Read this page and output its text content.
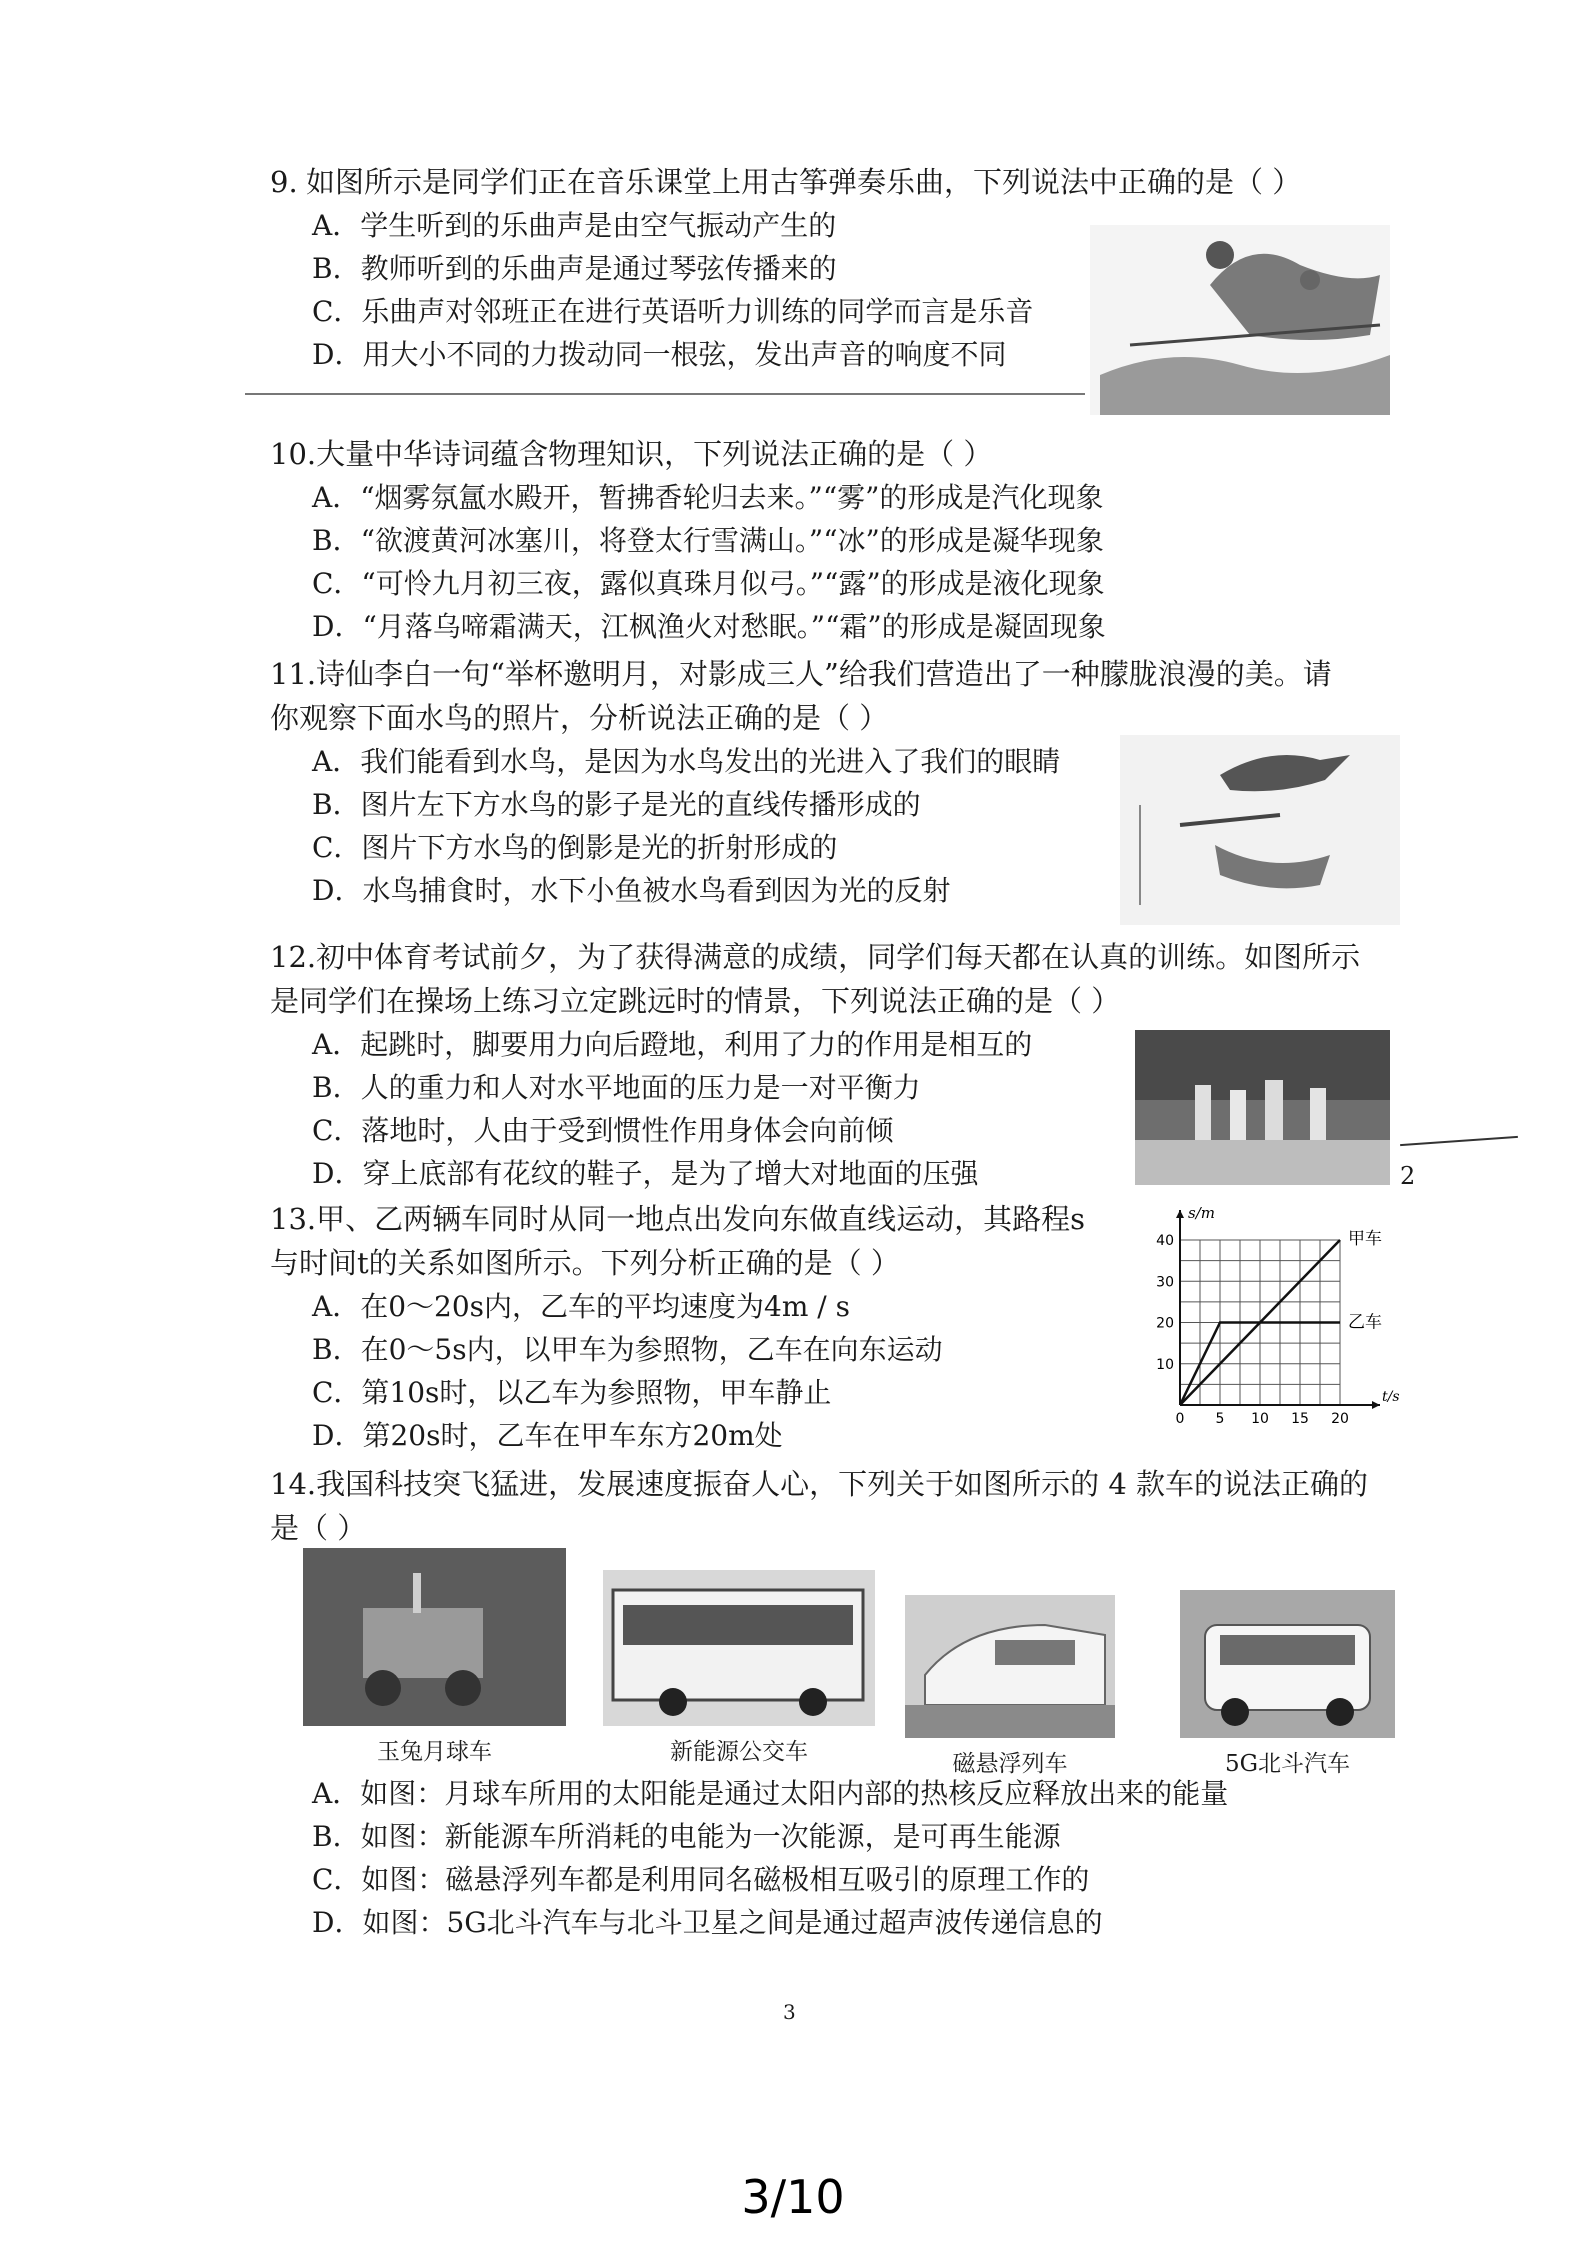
9. 如图所示是同学们正在音乐课堂上用古筝弹奏乐曲，下列说法中正确的是（ ）
A．学生听到的乐曲声是由空气振动产生的
B．教师听到的乐曲声是通过琴弦传播来的
C．乐曲声对邻班正在进行英语听力训练的同学而言是乐音
D．用大小不同的力拨动同一根弦，发出声音的响度不同
10.大量中华诗词蕴含物理知识，下列说法正确的是（ ）
A．“烟雾氛氲水殿开，暂拂香轮归去来。”“雾”的形成是汽化现象
B．“欲渡黄河冰塞川，将登太行雪满山。”“冰”的形成是凝华现象
C．“可怜九月初三夜，露似真珠月似弓。”“露”的形成是液化现象
D．“月落乌啼霜满天，江枫渔火对愁眠。”“霜”的形成是凝固现象
11.诗仙李白一句“举杯邀明月，对影成三人”给我们营造出了一种朦胧浪漫的美。请
你观察下面水鸟的照片，分析说法正确的是（ ）
A．我们能看到水鸟，是因为水鸟发出的光进入了我们的眼睛
B．图片左下方水鸟的影子是光的直线传播形成的
C．图片下方水鸟的倒影是光的折射形成的
D．水鸟捕食时，水下小鱼被水鸟看到因为光的反射
12.初中体育考试前夕，为了获得满意的成绩，同学们每天都在认真的训练。如图所示
是同学们在操场上练习立定跳远时的情景，下列说法正确的是（ ）
A．起跳时，脚要用力向后蹬地，利用了力的作用是相互的
B．人的重力和人对水平地面的压力是一对平衡力
C．落地时，人由于受到惯性作用身体会向前倾
D．穿上底部有花纹的鞋子，是为了增大对地面的压强	2
13.甲、乙两辆车同时从同一地点出发向东做直线运动，其路程s
与时间t的关系如图所示。下列分析正确的是（ ）
A．在0～20s内，乙车的平均速度为4m / s
B．在0～5s内，以甲车为参照物，乙车在向东运动
C．第10s时，以乙车为参照物，甲车静止
D．第20s时，乙车在甲车东方20m处	0 5 10 15 20
10
20
30
40
s/m
t/s
甲车
乙车
14.我国科技突飞猛进，发展速度振奋人心，下列关于如图所示的 4 款车的说法正确的
是（ ）
玉兔月球车	新能源公交车	磁悬浮列车	5G北斗汽车
A．如图：月球车所用的太阳能是通过太阳内部的热核反应释放出来的能量
B．如图：新能源车所消耗的电能为一次能源，是可再生能源
C．如图：磁悬浮列车都是利用同名磁极相互吸引的原理工作的
D．如图：5G北斗汽车与北斗卫星之间是通过超声波传递信息的
3
3/10
